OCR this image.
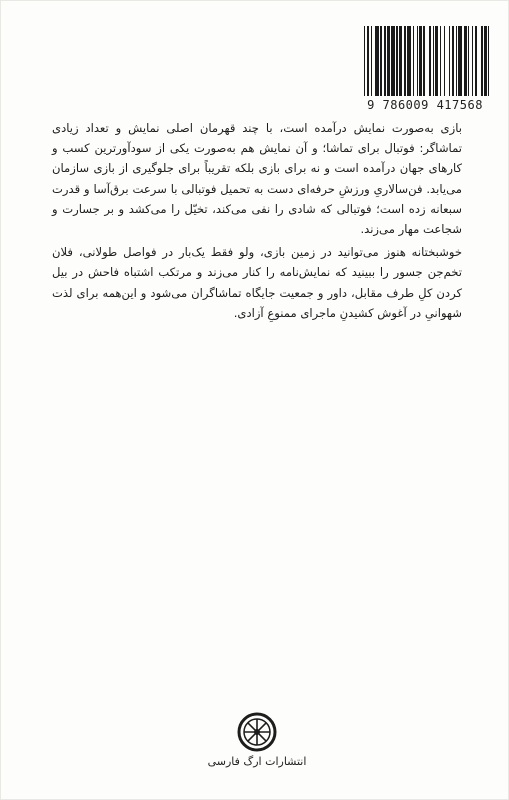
9 786009 417568

بازی به‌صورت نمایش درآمده است، با چند قهرمان اصلی نمایش و تعداد زیادی تماشاگر: فوتبال برای تماشا؛ و آن نمایش هم به‌صورت یکی از سودآورترین کسب و کارهای جهان درآمده است و نه برای بازی بلکه تقریباً برای جلوگیری از بازی سازمان می‌یابد. فن‌سالاریِ ورزشِ حرفه‌ای دست به تحمیل فوتبالی با سرعت برق‌آسا و قدرت سبعانه زده است؛ فوتبالی که شادی را نفی می‌کند، تخیّل را می‌کشد و بر جسارت و شجاعت مهار می‌زند.

خوشبختانه هنوز می‌توانید در زمین بازی، ولو فقط یک‌بار در فواصل طولانی، فلان تخم‌جن جسور را ببینید که نمایش‌نامه را کنار می‌زند و مرتکب اشتباه فاحش در بیل کردن کلِ طرف مقابل، داور و جمعیت جایگاه تماشاگران می‌شود و این‌همه برای لذت شهوانیِ در آغوش کشیدنِ ماجرای ممنوعِ آزادی.

انتشارات ارگ فارسی
